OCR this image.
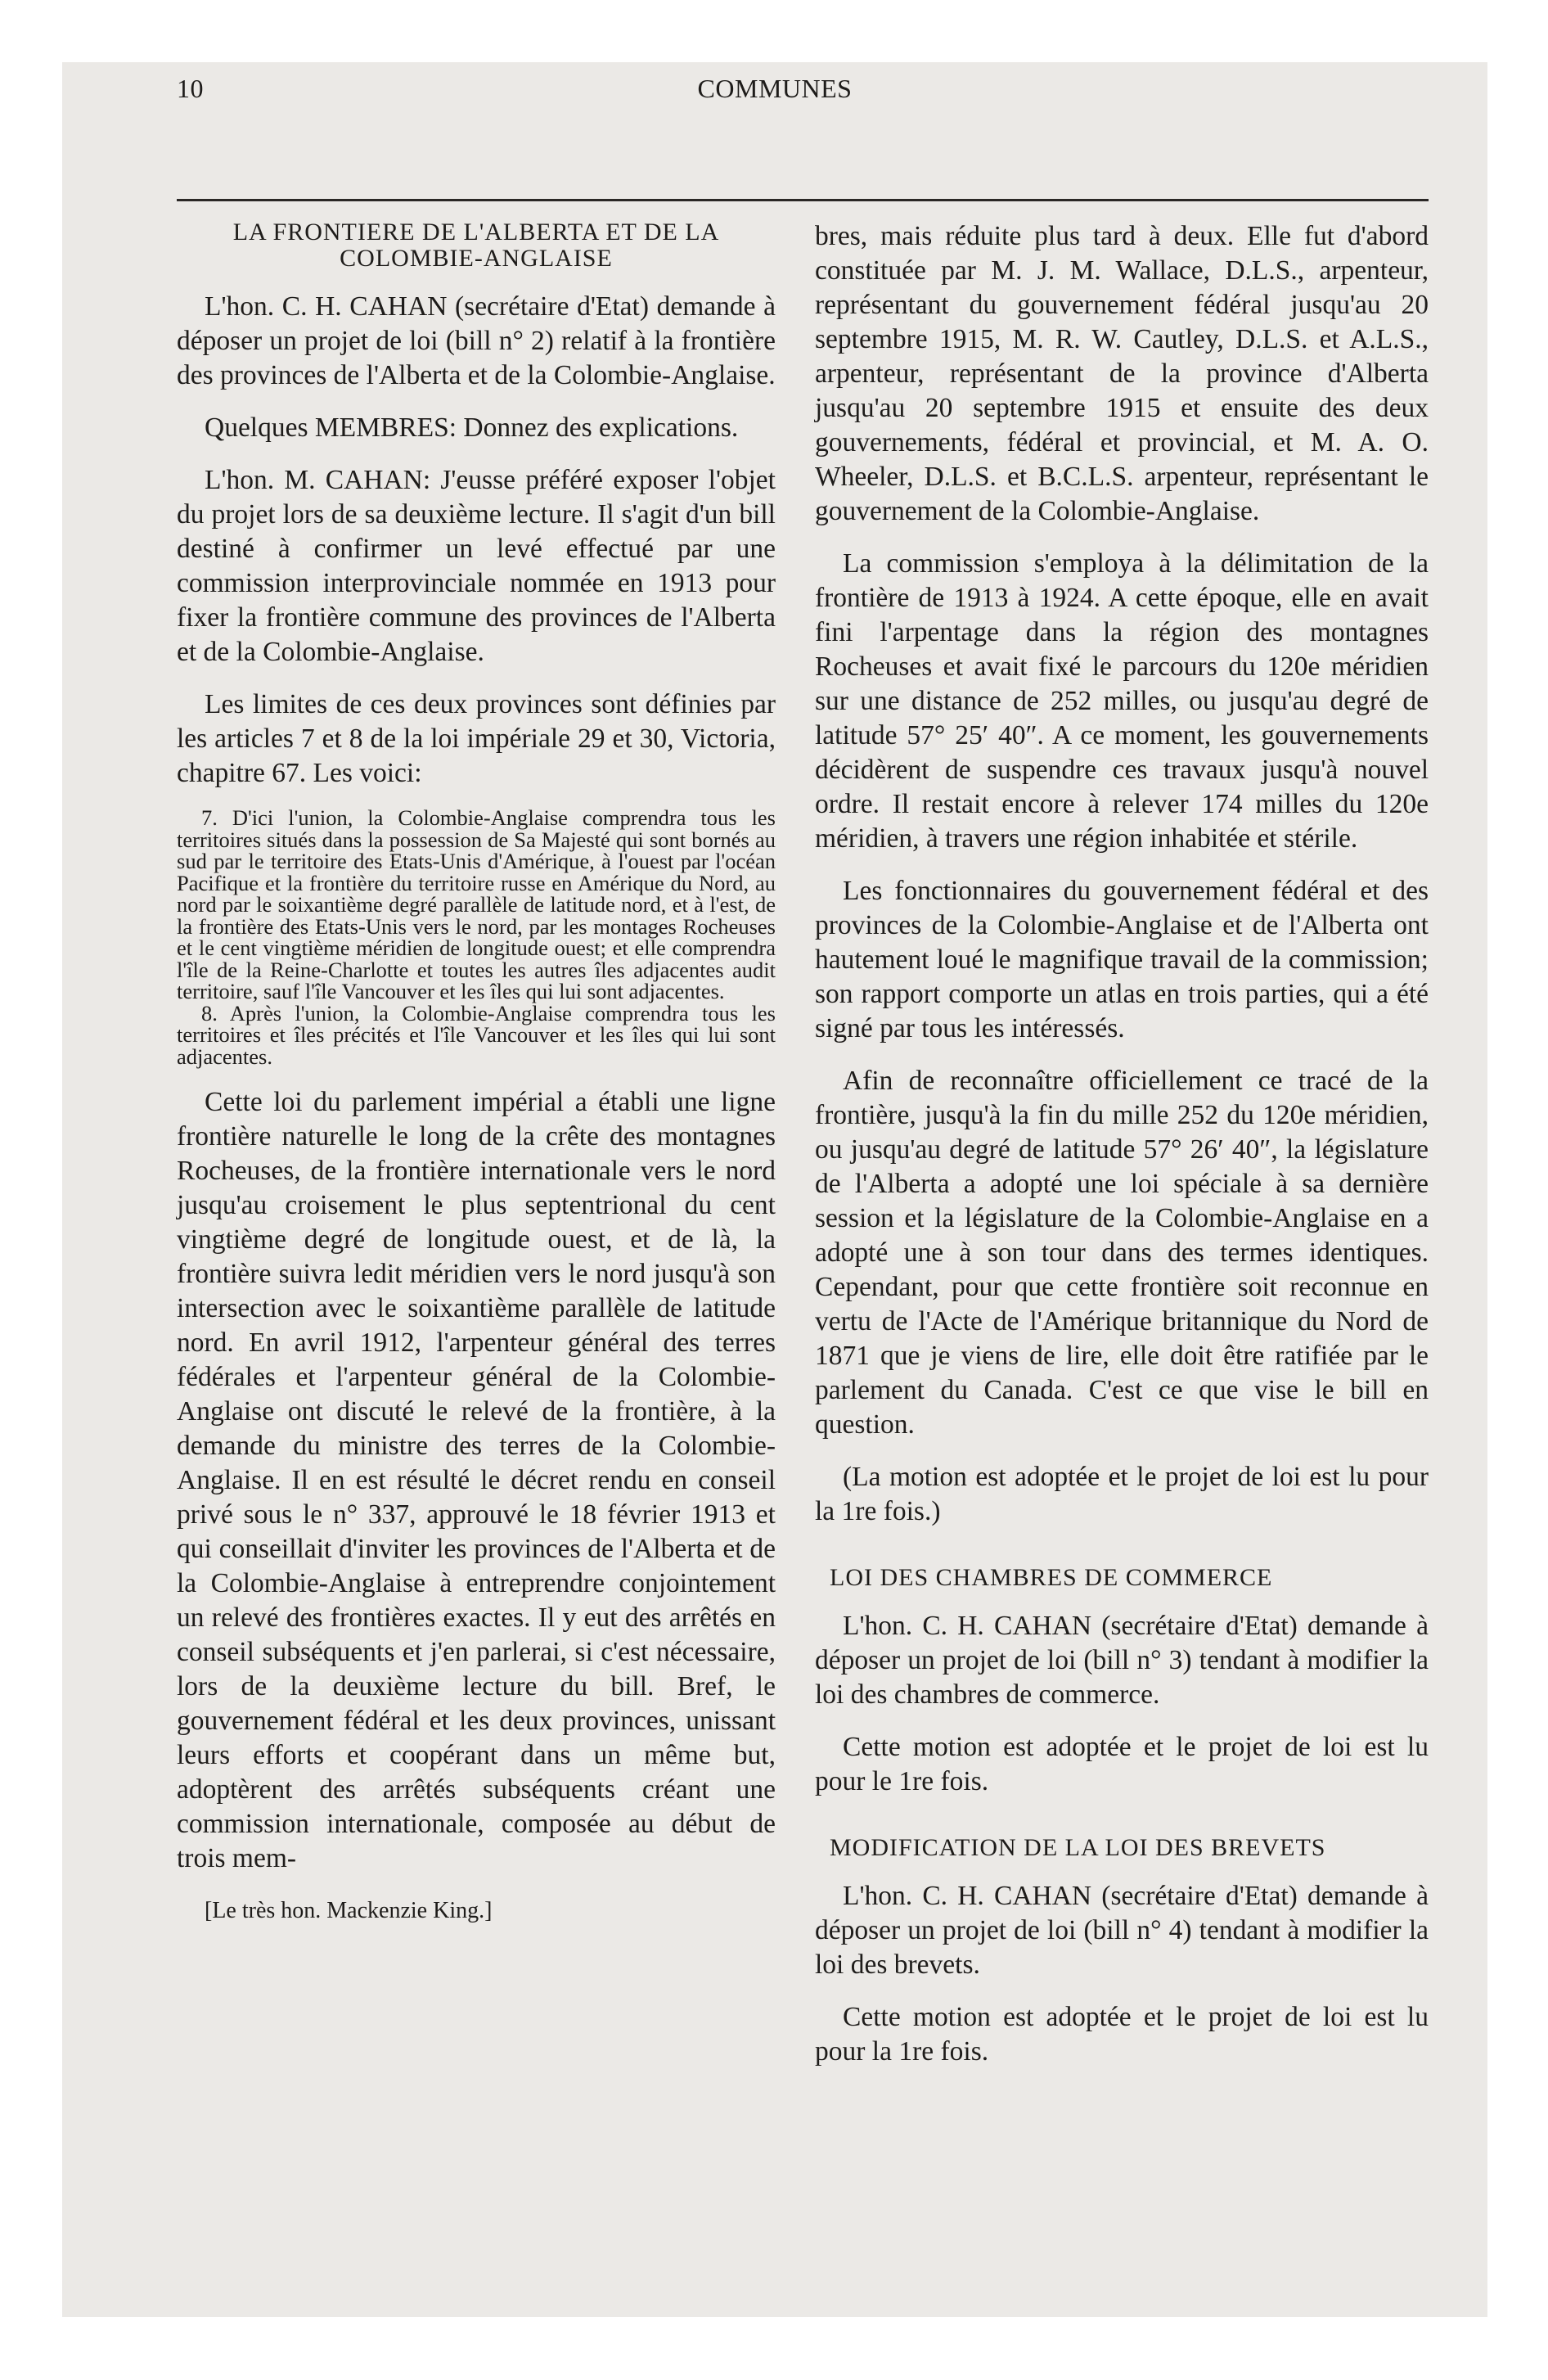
10	COMMUNES
LA FRONTIERE DE L'ALBERTA ET DE LA COLOMBIE-ANGLAISE

L'hon. C. H. CAHAN (secrétaire d'Etat) demande à déposer un projet de loi (bill n° 2) relatif à la frontière des provinces de l'Alberta et de la Colombie-Anglaise.

Quelques MEMBRES: Donnez des explications.

L'hon. M. CAHAN: J'eusse préféré exposer l'objet du projet lors de sa deuxième lecture. Il s'agit d'un bill destiné à confirmer un levé effectué par une commission interprovinciale nommée en 1913 pour fixer la frontière commune des provinces de l'Alberta et de la Colombie-Anglaise.

Les limites de ces deux provinces sont définies par les articles 7 et 8 de la loi impériale 29 et 30, Victoria, chapitre 67. Les voici:

7. D'ici l'union, la Colombie-Anglaise comprendra tous les territoires situés dans la possession de Sa Majesté qui sont bornés au sud par le territoire des Etats-Unis d'Amérique, à l'ouest par l'océan Pacifique et la frontière du territoire russe en Amérique du Nord, au nord par le soixantième degré parallèle de latitude nord, et à l'est, de la frontière des Etats-Unis vers le nord, par les montages Rocheuses et le cent vingtième méridien de longitude ouest; et elle comprendra l'île de la Reine-Charlotte et toutes les autres îles adjacentes audit territoire, sauf l'île Vancouver et les îles qui lui sont adjacentes.

8. Après l'union, la Colombie-Anglaise comprendra tous les territoires et îles précités et l'île Vancouver et les îles qui lui sont adjacentes.

Cette loi du parlement impérial a établi une ligne frontière naturelle le long de la crête des montagnes Rocheuses, de la frontière internationale vers le nord jusqu'au croisement le plus septentrional du cent vingtième degré de longitude ouest, et de là, la frontière suivra ledit méridien vers le nord jusqu'à son intersection avec le soixantième parallèle de latitude nord. En avril 1912, l'arpenteur général des terres fédérales et l'arpenteur général de la Colombie-Anglaise ont discuté le relevé de la frontière, à la demande du ministre des terres de la Colombie-Anglaise. Il en est résulté le décret rendu en conseil privé sous le n° 337, approuvé le 18 février 1913 et qui conseillait d'inviter les provinces de l'Alberta et de la Colombie-Anglaise à entreprendre conjointement un relevé des frontières exactes. Il y eut des arrêtés en conseil subséquents et j'en parlerai, si c'est nécessaire, lors de la deuxième lecture du bill. Bref, le gouvernement fédéral et les deux provinces, unissant leurs efforts et coopérant dans un même but, adoptèrent des arrêtés subséquents créant une commission internationale, composée au début de trois mem-

[Le très hon. Mackenzie King.]

bres, mais réduite plus tard à deux. Elle fut d'abord constituée par M. J. M. Wallace, D.L.S., arpenteur, représentant du gouvernement fédéral jusqu'au 20 septembre 1915, M. R. W. Cautley, D.L.S. et A.L.S., arpenteur, représentant de la province d'Alberta jusqu'au 20 septembre 1915 et ensuite des deux gouvernements, fédéral et provincial, et M. A. O. Wheeler, D.L.S. et B.C.L.S. arpenteur, représentant le gouvernement de la Colombie-Anglaise.

La commission s'employa à la délimitation de la frontière de 1913 à 1924. A cette époque, elle en avait fini l'arpentage dans la région des montagnes Rocheuses et avait fixé le parcours du 120e méridien sur une distance de 252 milles, ou jusqu'au degré de latitude 57° 25′ 40″. A ce moment, les gouvernements décidèrent de suspendre ces travaux jusqu'à nouvel ordre. Il restait encore à relever 174 milles du 120e méridien, à travers une région inhabitée et stérile.

Les fonctionnaires du gouvernement fédéral et des provinces de la Colombie-Anglaise et de l'Alberta ont hautement loué le magnifique travail de la commission; son rapport comporte un atlas en trois parties, qui a été signé par tous les intéressés.

Afin de reconnaître officiellement ce tracé de la frontière, jusqu'à la fin du mille 252 du 120e méridien, ou jusqu'au degré de latitude 57° 26′ 40″, la législature de l'Alberta a adopté une loi spéciale à sa dernière session et la législature de la Colombie-Anglaise en a adopté une à son tour dans des termes identiques. Cependant, pour que cette frontière soit reconnue en vertu de l'Acte de l'Amérique britannique du Nord de 1871 que je viens de lire, elle doit être ratifiée par le parlement du Canada. C'est ce que vise le bill en question.

(La motion est adoptée et le projet de loi est lu pour la 1re fois.)

LOI DES CHAMBRES DE COMMERCE

L'hon. C. H. CAHAN (secrétaire d'Etat) demande à déposer un projet de loi (bill n° 3) tendant à modifier la loi des chambres de commerce.

Cette motion est adoptée et le projet de loi est lu pour le 1re fois.

MODIFICATION DE LA LOI DES BREVETS

L'hon. C. H. CAHAN (secrétaire d'Etat) demande à déposer un projet de loi (bill n° 4) tendant à modifier la loi des brevets.

Cette motion est adoptée et le projet de loi est lu pour la 1re fois.
